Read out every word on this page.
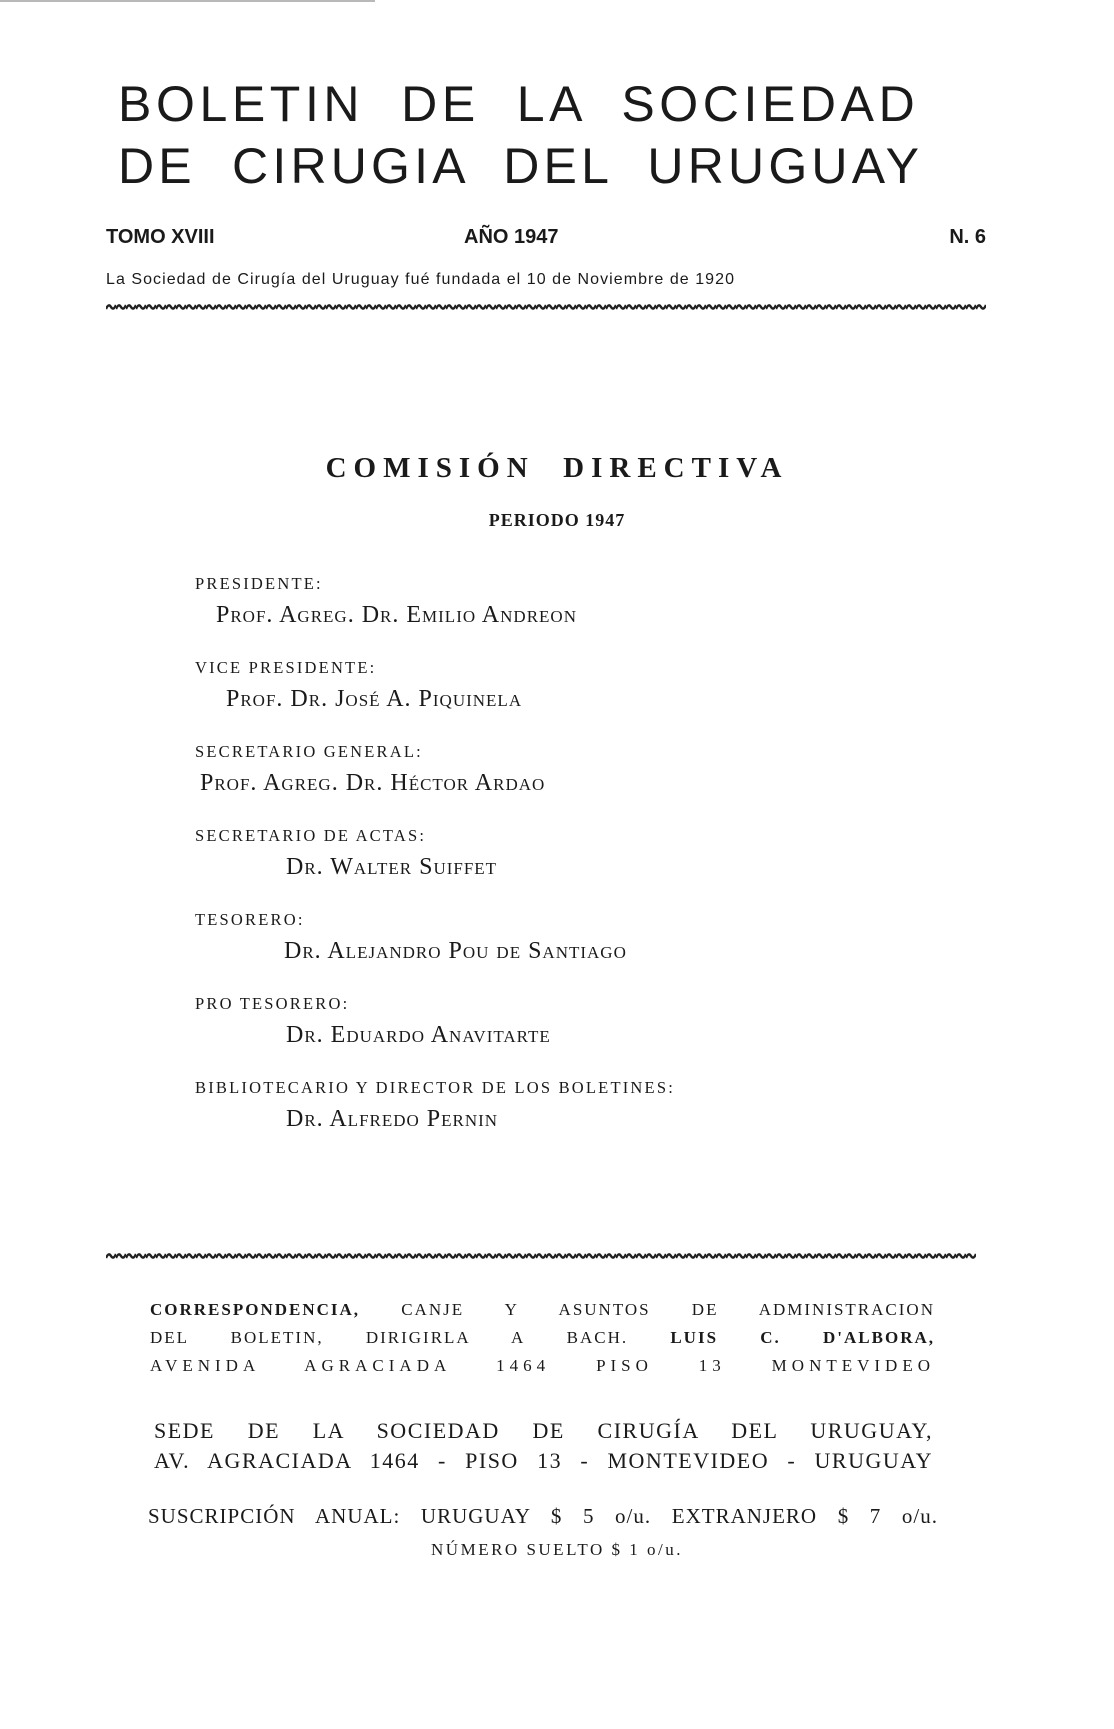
BOLETIN  DE  LA  SOCIEDAD
DE  CIRUGIA  DEL  URUGUAY
TOMO XVIII	AÑO 1947	N. 6
La Sociedad de Cirugía del Uruguay fué fundada el 10 de Noviembre de 1920
COMISIÓN  DIRECTIVA
PERIODO 1947
PRESIDENTE:
Prof. Agreg. Dr. Emilio Andreon
VICE PRESIDENTE:
Prof. Dr. José A. Piquinela
SECRETARIO GENERAL:
Prof. Agreg. Dr. Héctor Ardao
SECRETARIO DE ACTAS:
Dr. Walter Suiffet
TESORERO:
Dr. Alejandro Pou de Santiago
PRO TESORERO:
Dr. Eduardo Anavitarte
BIBLIOTECARIO Y DIRECTOR DE LOS BOLETINES:
Dr. Alfredo Pernin
CORRESPONDENCIA, CANJE Y ASUNTOS DE ADMINISTRACION
DEL BOLETIN, DIRIGIRLA A BACH. LUIS C. D'ALBORA,
AVENIDA AGRACIADA 1464 PISO 13 MONTEVIDEO
SEDE DE LA SOCIEDAD DE CIRUGÍA DEL URUGUAY,
AV. AGRACIADA 1464 - PISO 13 - MONTEVIDEO - URUGUAY
SUSCRIPCIÓN ANUAL: URUGUAY $ 5 o/u. EXTRANJERO $ 7 o/u.
NÚMERO SUELTO $ 1 o/u.
